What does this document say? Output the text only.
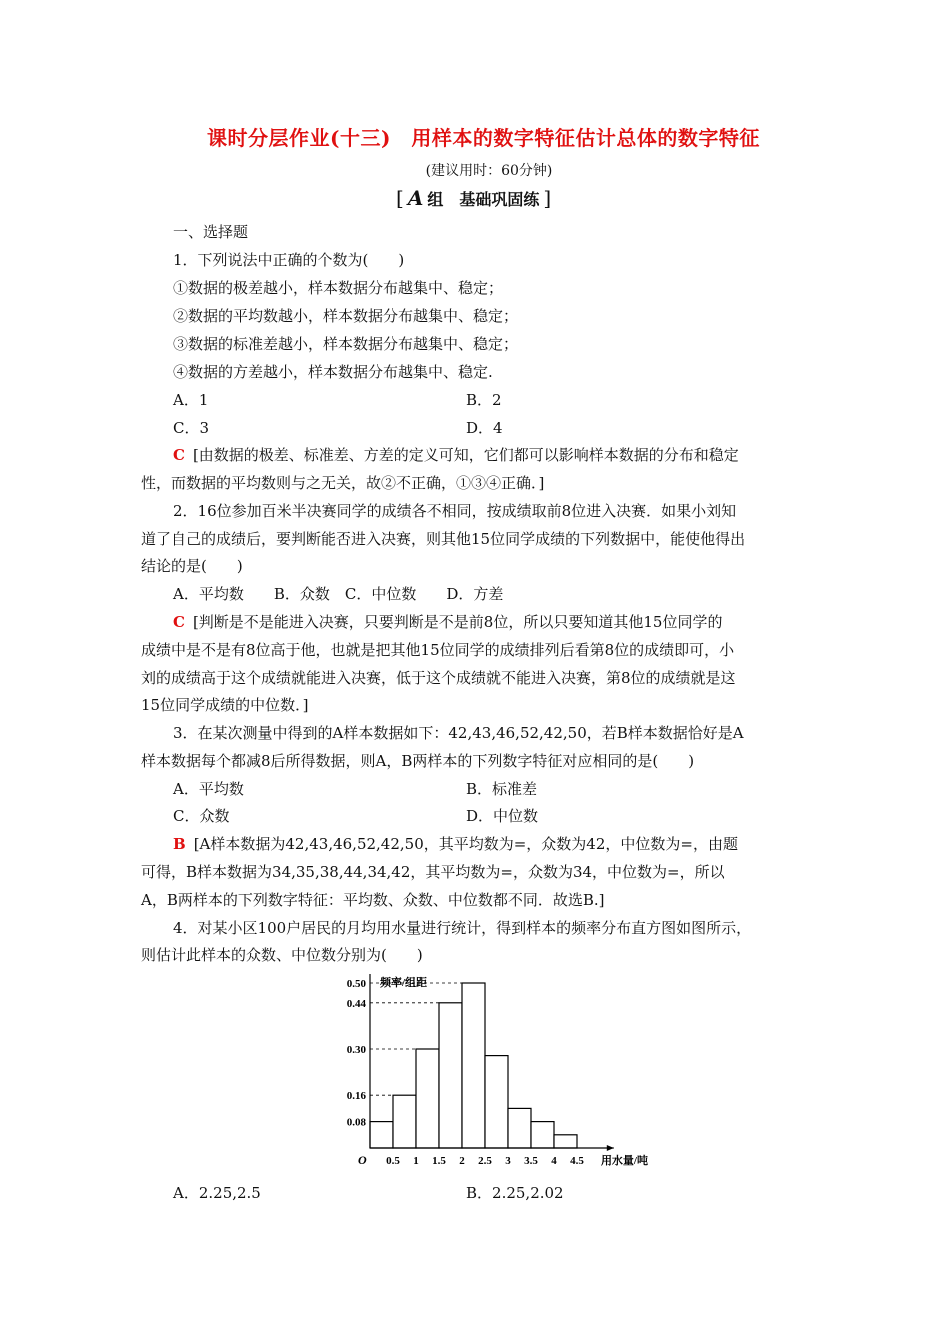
课时分层作业(十三)　用样本的数字特征估计总体的数字特征
(建议用时：60分钟)
[ A 组　基础巩固练 ]
一、选择题
1．下列说法中正确的个数为(　　)
①数据的极差越小，样本数据分布越集中、稳定；
②数据的平均数越小，样本数据分布越集中、稳定；
③数据的标准差越小，样本数据分布越集中、稳定；
④数据的方差越小，样本数据分布越集中、稳定.
A．1	B．2
C．3	D．4
C [由数据的极差、标准差、方差的定义可知，它们都可以影响样本数据的分布和稳定
性，而数据的平均数则与之无关，故②不正确，①③④正确．]
2．16位参加百米半决赛同学的成绩各不相同，按成绩取前8位进入决赛．如果小刘知
道了自己的成绩后，要判断能否进入决赛，则其他15位同学成绩的下列数据中，能使他得出
结论的是(　　)
A．平均数　　B．众数　C．中位数　　D．方差
C [判断是不是能进入决赛，只要判断是不是前8位，所以只要知道其他15位同学的
成绩中是不是有8位高于他，也就是把其他15位同学的成绩排列后看第8位的成绩即可，小
刘的成绩高于这个成绩就能进入决赛，低于这个成绩就不能进入决赛，第8位的成绩就是这
15位同学成绩的中位数．]
3．在某次测量中得到的A样本数据如下：42,43,46,52,42,50，若B样本数据恰好是A
样本数据每个都减8后所得数据，则A，B两样本的下列数字特征对应相同的是(　　)
A．平均数	B．标准差
C．众数	D．中位数
B [A样本数据为42,43,46,52,42,50，其平均数为=，众数为42，中位数为=，由题
可得，B样本数据为34,35,38,44,34,42，其平均数为=，众数为34，中位数为=，所以
A，B两样本的下列数字特征：平均数、众数、中位数都不同．故选B.]
4．对某小区100户居民的月均用水量进行统计，得到样本的频率分布直方图如图所示，
则估计此样本的众数、中位数分别为(　　)
0.08
0.16
0.30
0.44
0.50
0.5 1 1.5 2 2.5 3 3.5 4 4.5
O
频率/组距
用水量/吨
A．2.25,2.5	B．2.25,2.02
